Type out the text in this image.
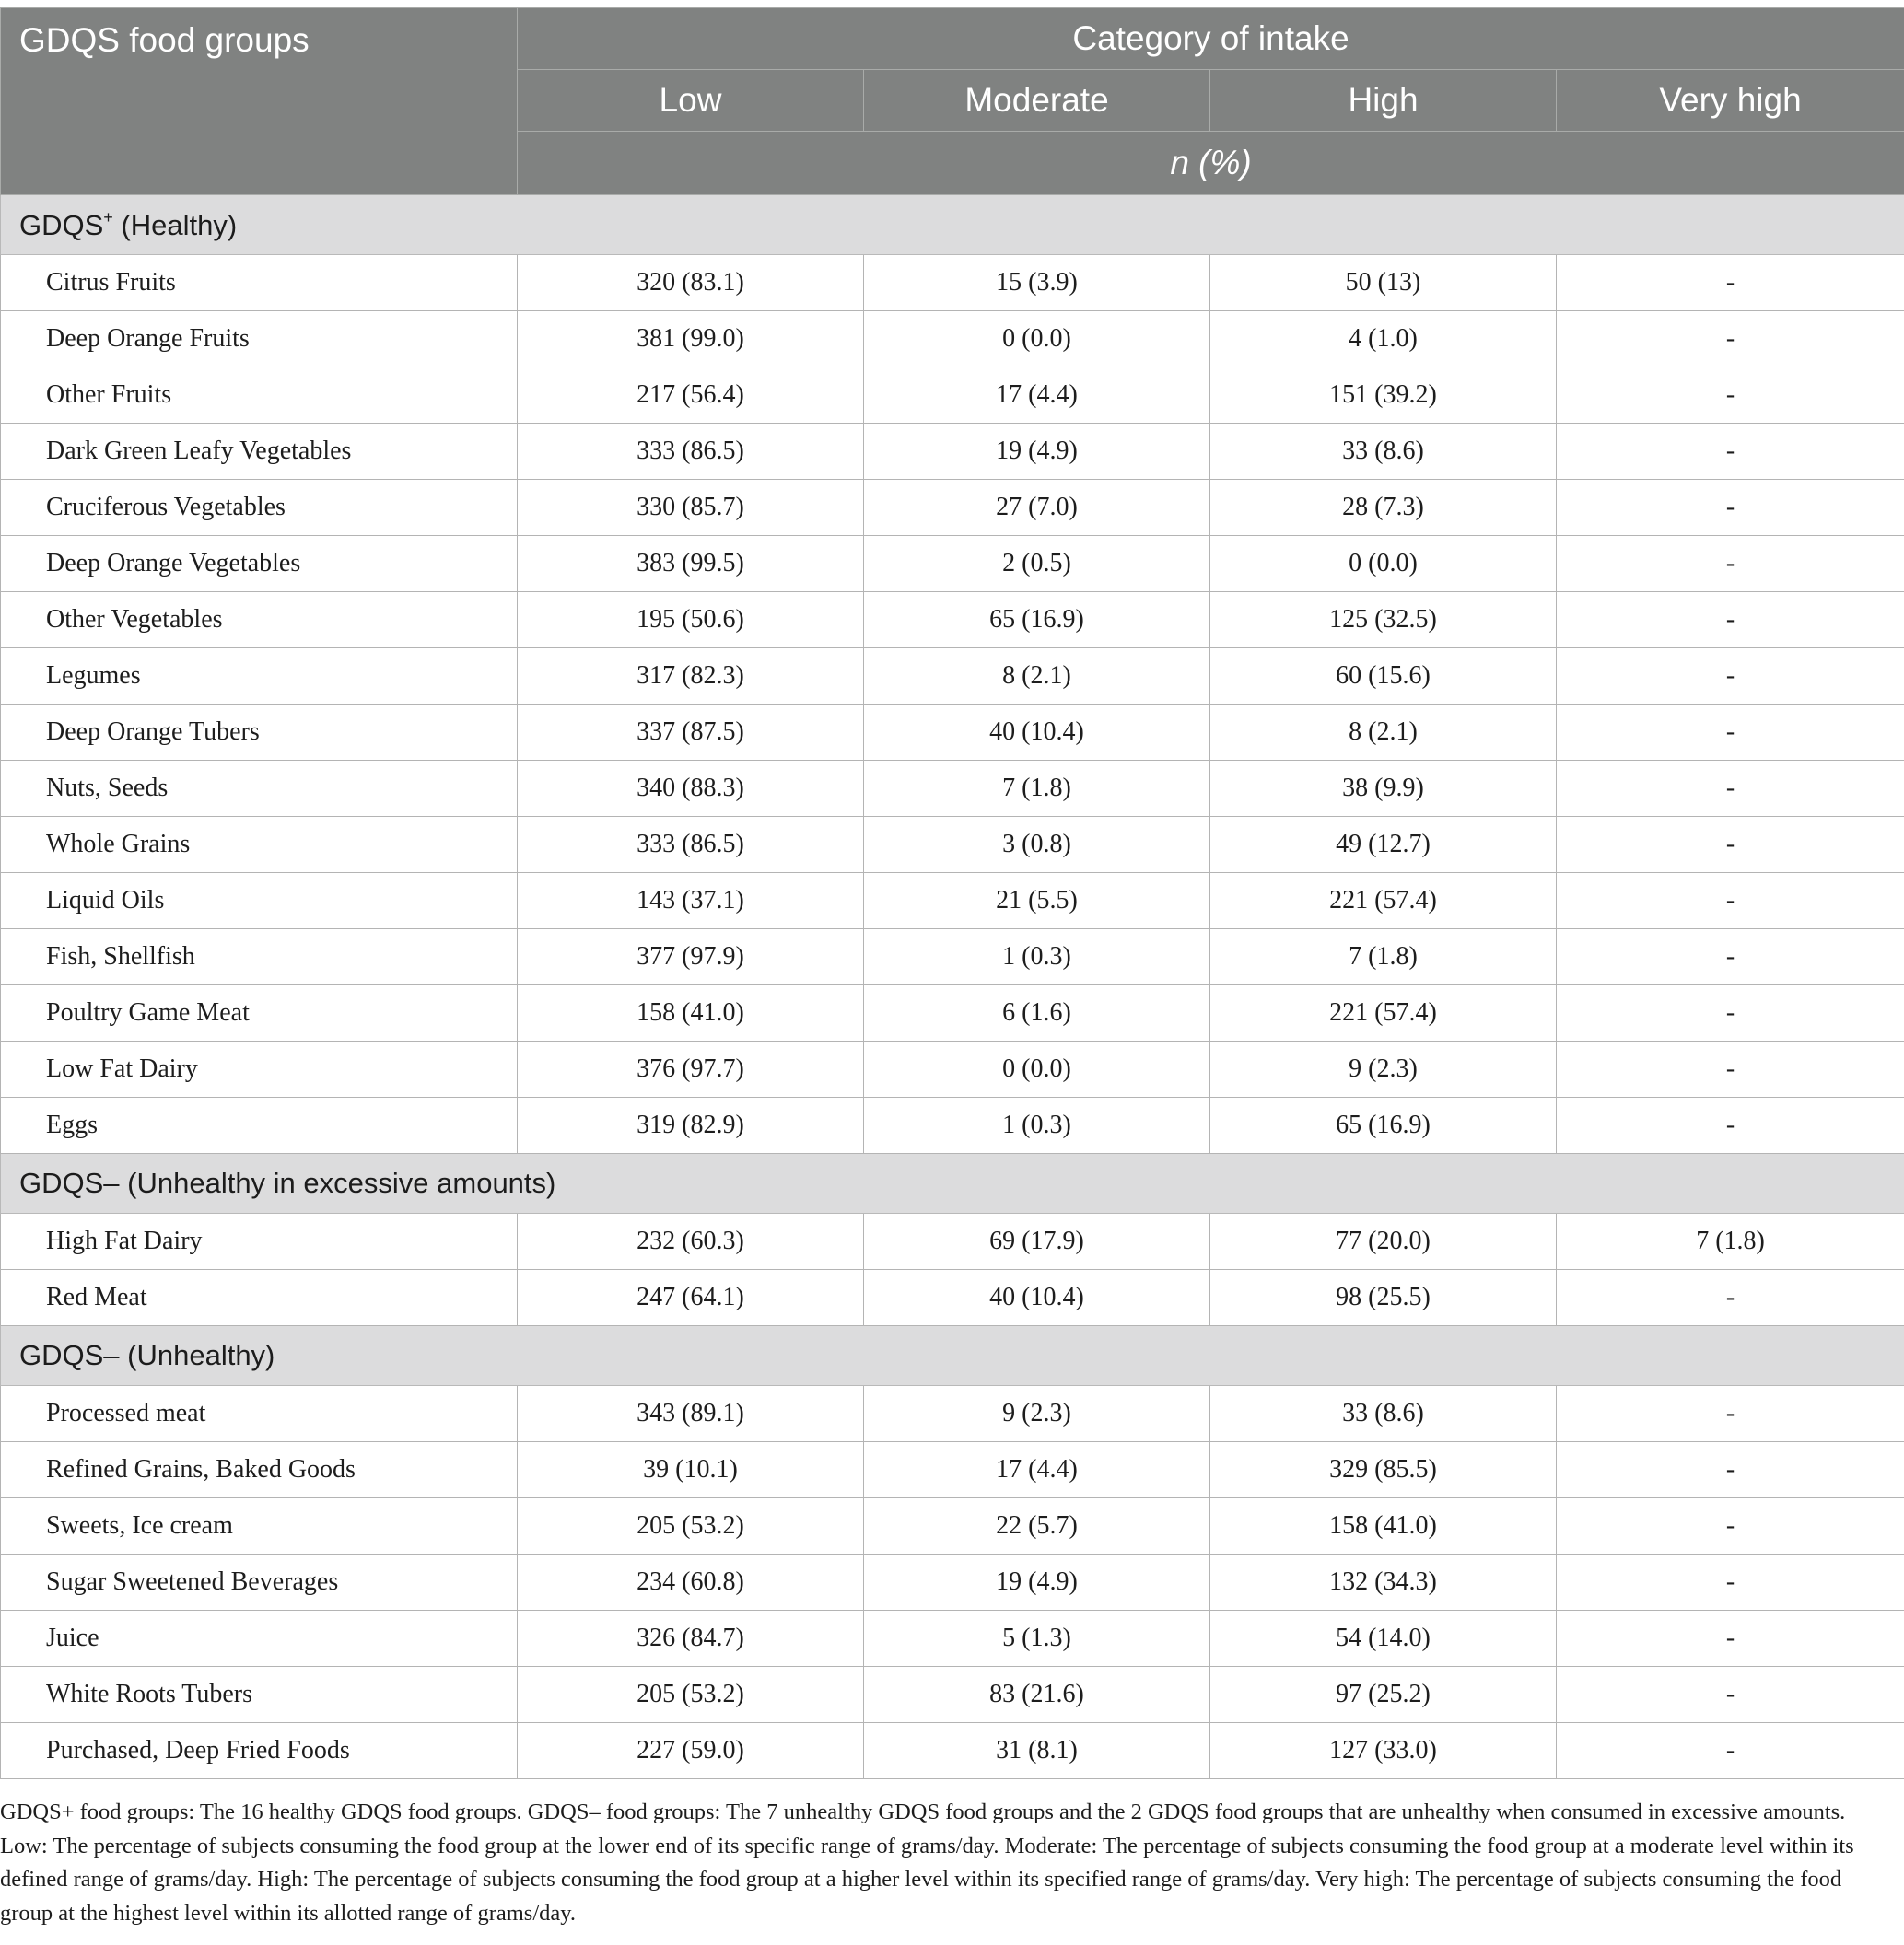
GDQS food groups	Category of intake			
	Low	Moderate	High	Very high
	n (%)			
GDQS+ (Healthy)				
Citrus Fruits	320 (83.1)	15 (3.9)	50 (13)	-
Deep Orange Fruits	381 (99.0)	0 (0.0)	4 (1.0)	-
Other Fruits	217 (56.4)	17 (4.4)	151 (39.2)	-
Dark Green Leafy Vegetables	333 (86.5)	19 (4.9)	33 (8.6)	-
Cruciferous Vegetables	330 (85.7)	27 (7.0)	28 (7.3)	-
Deep Orange Vegetables	383 (99.5)	2 (0.5)	0 (0.0)	-
Other Vegetables	195 (50.6)	65 (16.9)	125 (32.5)	-
Legumes	317 (82.3)	8 (2.1)	60 (15.6)	-
Deep Orange Tubers	337 (87.5)	40 (10.4)	8 (2.1)	-
Nuts, Seeds	340 (88.3)	7 (1.8)	38 (9.9)	-
Whole Grains	333 (86.5)	3 (0.8)	49 (12.7)	-
Liquid Oils	143 (37.1)	21 (5.5)	221 (57.4)	-
Fish, Shellfish	377 (97.9)	1 (0.3)	7 (1.8)	-
Poultry Game Meat	158 (41.0)	6 (1.6)	221 (57.4)	-
Low Fat Dairy	376 (97.7)	0 (0.0)	9 (2.3)	-
Eggs	319 (82.9)	1 (0.3)	65 (16.9)	-
GDQS– (Unhealthy in excessive amounts)				
High Fat Dairy	232 (60.3)	69 (17.9)	77 (20.0)	7 (1.8)
Red Meat	247 (64.1)	40 (10.4)	98 (25.5)	-
GDQS– (Unhealthy)				
Processed meat	343 (89.1)	9 (2.3)	33 (8.6)	-
Refined Grains, Baked Goods	39 (10.1)	17 (4.4)	329 (85.5)	-
Sweets, Ice cream	205 (53.2)	22 (5.7)	158 (41.0)	-
Sugar Sweetened Beverages	234 (60.8)	19 (4.9)	132 (34.3)	-
Juice	326 (84.7)	5 (1.3)	54 (14.0)	-
White Roots Tubers	205 (53.2)	83 (21.6)	97 (25.2)	-
Purchased, Deep Fried Foods	227 (59.0)	31 (8.1)	127 (33.0)	-
GDQS+ food groups: The 16 healthy GDQS food groups. GDQS– food groups: The 7 unhealthy GDQS food groups and the 2 GDQS food groups that are unhealthy when consumed in excessive amounts. Low: The percentage of subjects consuming the food group at the lower end of its specific range of grams/day. Moderate: The percentage of subjects consuming the food group at a moderate level within its defined range of grams/day. High: The percentage of subjects consuming the food group at a higher level within its specified range of grams/day. Very high: The percentage of subjects consuming the food group at the highest level within its allotted range of grams/day.
